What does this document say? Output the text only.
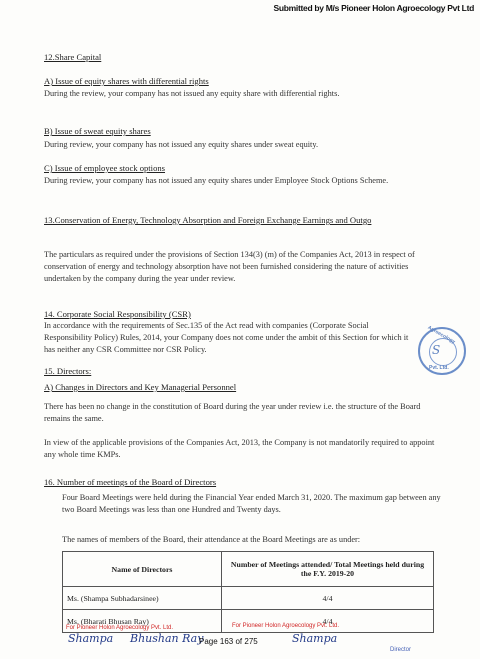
Submitted by M/s Pioneer Holon Agroecology Pvt Ltd
12.Share Capital
A) Issue of equity shares with differential rights
During the review, your company has not issued any equity share with differential rights.
B) Issue of sweat equity shares
During review, your company has not issued any equity shares under sweat equity.
C) Issue of employee stock options
During review, your company has not issued any equity shares under Employee Stock Options Scheme.
13.Conservation of Energy, Technology Absorption and Foreign Exchange Earnings and Outgo
The particulars as required under the provisions of Section 134(3) (m) of the Companies Act, 2013 in respect of conservation of energy and technology absorption have not been furnished considering the nature of activities undertaken by the company during the year under review.
14. Corporate Social Responsibility (CSR)
In accordance with the requirements of Sec.135 of the Act read with companies (Corporate Social Responsibility Policy) Rules, 2014, your Company does not come under the ambit of this Section for which it has neither any CSR Committee nor CSR Policy.
Agroecology
S
Pvt. Ltd.
15. Directors:
A) Changes in Directors and Key Managerial Personnel
There has been no change in the constitution of Board during the year under review i.e. the structure of the Board remains the same.
In view of the applicable provisions of the Companies Act, 2013, the Company is not mandatorily required to appoint any whole time KMPs.
16. Number of meetings of the Board of Directors
Four Board Meetings were held during the Financial Year ended March 31, 2020. The maximum gap between any two Board Meetings was less than one Hundred and Twenty days.
The names of members of the Board, their attendance at the Board Meetings are as under:
Name of Directors	Number of Meetings attended/ Total Meetings held during the F.Y. 2019-20
Ms. (Shampa Subhadarsinee)	4/4
Ms. (Bharati Bhusan Ray)	4/4
For Pioneer Holon Agroecology Pvt. Ltd.	For Pioneer Holon Agroecology Pvt. Ltd.
Director
Shampa Bhushan Ray	Shampa
Page 163 of 275
